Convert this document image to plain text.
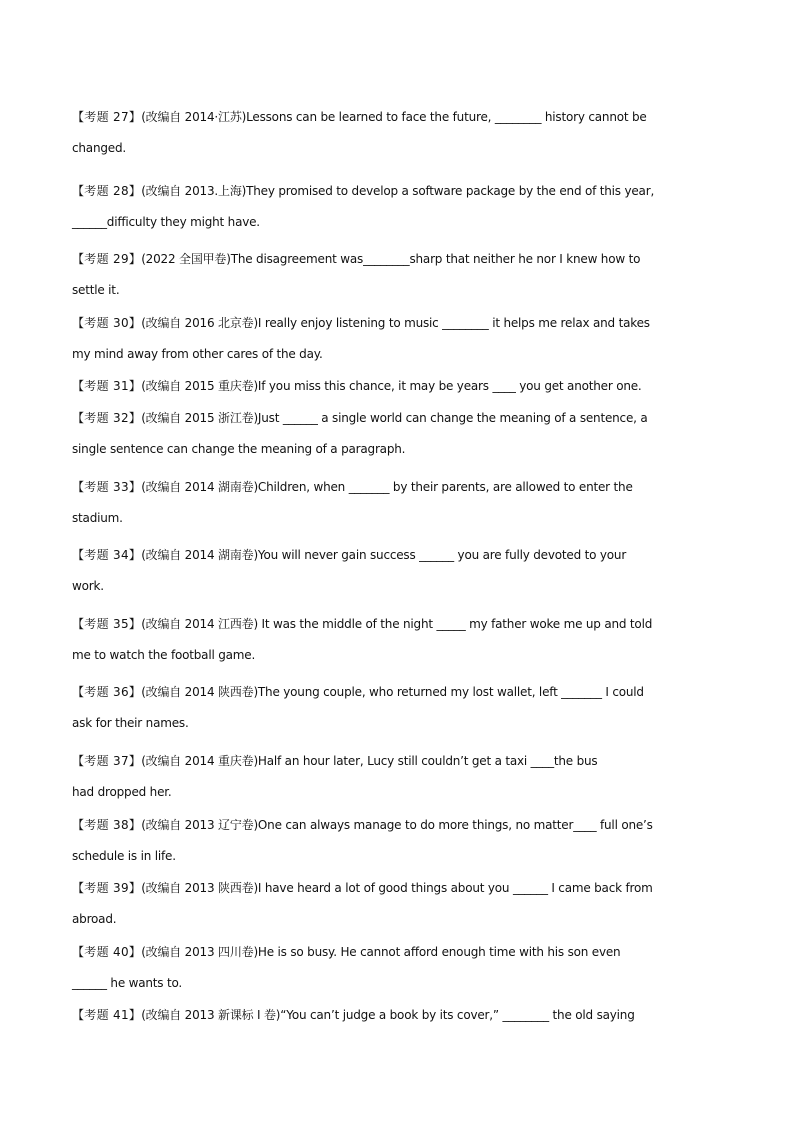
【考题 27】(改编自 2014·江苏)Lessons can be learned to face the future, ________ history cannot be
changed.
【考题 28】(改编自 2013.上海)They promised to develop a software package by the end of this year,
______difficulty they might have.
【考题 29】(2022 全国甲卷)The disagreement was________sharp that neither he nor I knew how to
settle it.
【考题 30】(改编自 2016 北京卷)I really enjoy listening to music ________ it helps me relax and takes
my mind away from other cares of the day.
【考题 31】(改编自 2015 重庆卷)If you miss this chance, it may be years ____ you get another one.
【考题 32】(改编自 2015 浙江卷)Just ______ a single world can change the meaning of a sentence, a
single sentence can change the meaning of a paragraph.
【考题 33】(改编自 2014 湖南卷)Children, when _______ by their parents, are allowed to enter the
stadium.
【考题 34】(改编自 2014 湖南卷)You will never gain success ______ you are fully devoted to your
work.
【考题 35】(改编自 2014 江西卷) It was the middle of the night _____ my father woke me up and told
me to watch the football game.
【考题 36】(改编自 2014 陕西卷)The young couple, who returned my lost wallet, left _______ I could
ask for their names.
【考题 37】(改编自 2014 重庆卷)Half an hour later, Lucy still couldn’t get a taxi ____the bus
had dropped her.
【考题 38】(改编自 2013 辽宁卷)One can always manage to do more things, no matter____ full one’s
schedule is in life.
【考题 39】(改编自 2013 陕西卷)I have heard a lot of good things about you ______ I came back from
abroad.
【考题 40】(改编自 2013 四川卷)He is so busy. He cannot afford enough time with his son even
______ he wants to.
【考题 41】(改编自 2013 新课标 I 卷)“You can’t judge a book by its cover,” ________ the old saying
